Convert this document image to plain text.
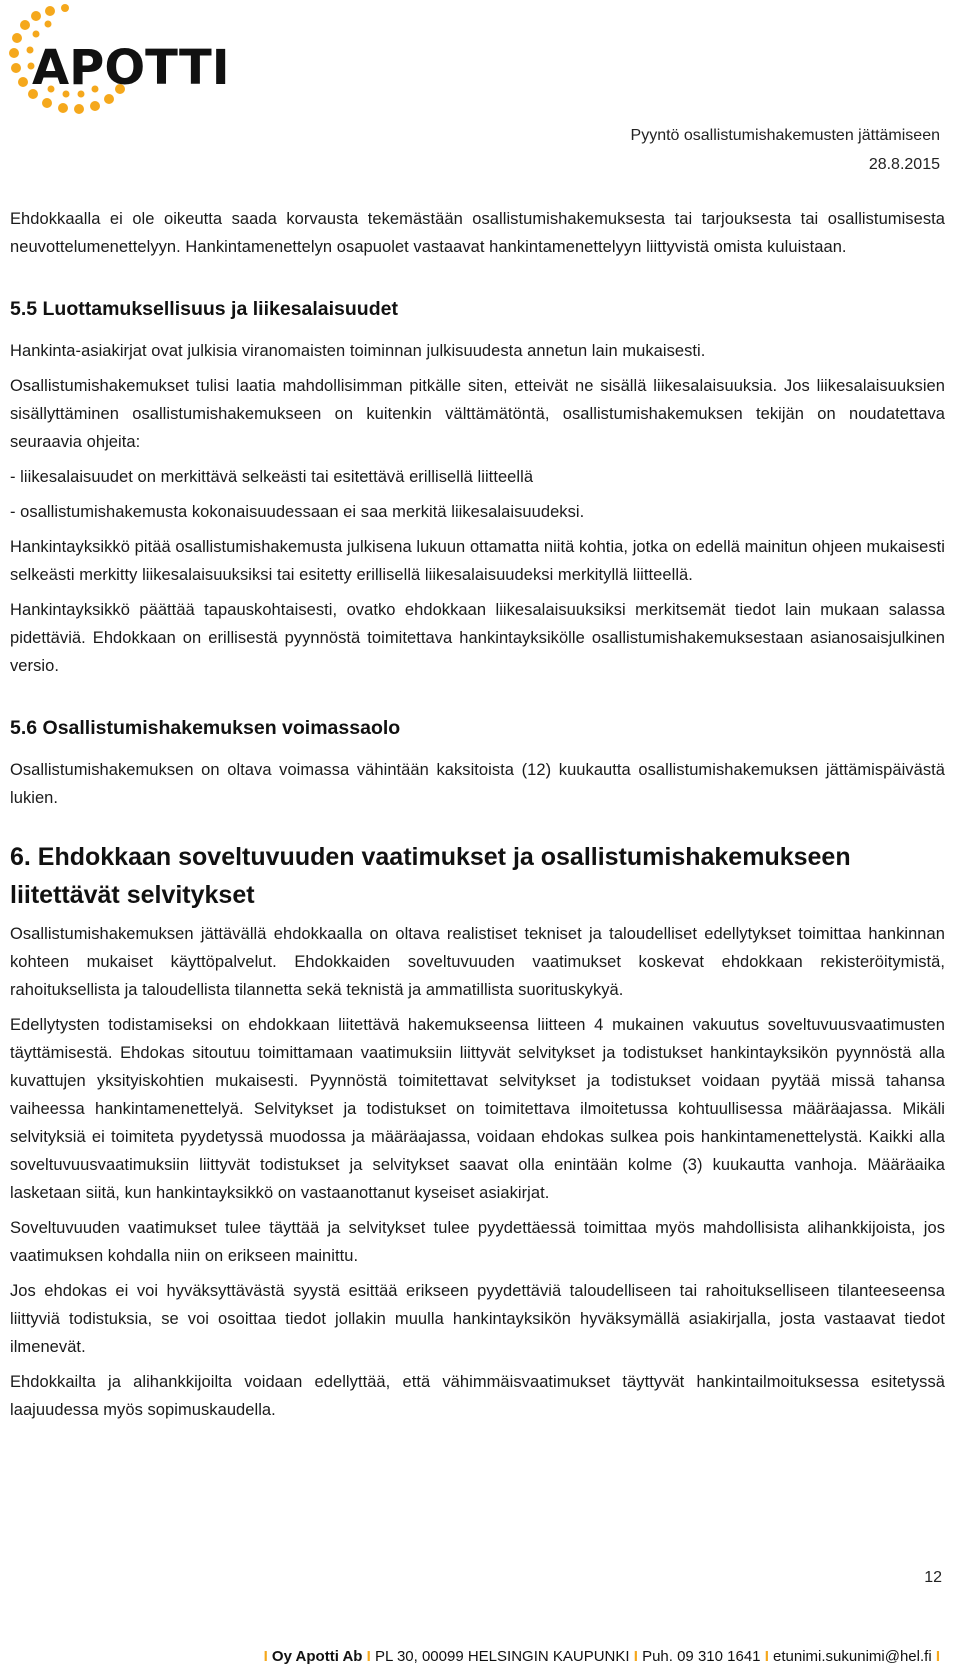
APOTTI
Pyyntö osallistumishakemusten jättämiseen
28.8.2015

Ehdokkaalla ei ole oikeutta saada korvausta tekemästään osallistumishakemuksesta tai tarjouksesta tai osallistumisesta neuvottelumenettelyyn. Hankintamenettelyn osapuolet vastaavat hankintamenettelyyn liittyvistä omista kuluistaan.

5.5 Luottamuksellisuus ja liikesalaisuudet

Hankinta-asiakirjat ovat julkisia viranomaisten toiminnan julkisuudesta annetun lain mukaisesti.

Osallistumishakemukset tulisi laatia mahdollisimman pitkälle siten, etteivät ne sisällä liikesalaisuuksia. Jos liikesalaisuuksien sisällyttäminen osallistumishakemukseen on kuitenkin välttämätöntä, osallistumishakemuksen tekijän on noudatettava seuraavia ohjeita:

- liikesalaisuudet on merkittävä selkeästi tai esitettävä erillisellä liitteellä

- osallistumishakemusta kokonaisuudessaan ei saa merkitä liikesalaisuudeksi.

Hankintayksikkö pitää osallistumishakemusta julkisena lukuun ottamatta niitä kohtia, jotka on edellä mainitun ohjeen mukaisesti selkeästi merkitty liikesalaisuuksiksi tai esitetty erillisellä liikesalaisuudeksi merkityllä liitteellä.

Hankintayksikkö päättää tapauskohtaisesti, ovatko ehdokkaan liikesalaisuuksiksi merkitsemät tiedot lain mukaan salassa pidettäviä. Ehdokkaan on erillisestä pyynnöstä toimitettava hankintayksikölle osallistumishakemuksestaan asianosaisjulkinen versio.

5.6 Osallistumishakemuksen voimassaolo

Osallistumishakemuksen on oltava voimassa vähintään kaksitoista (12) kuukautta osallistumishakemuksen jättämispäivästä lukien.

6. Ehdokkaan soveltuvuuden vaatimukset ja osallistumishakemukseen liitettävät selvitykset

Osallistumishakemuksen jättävällä ehdokkaalla on oltava realistiset tekniset ja taloudelliset edellytykset toimittaa hankinnan kohteen mukaiset käyttöpalvelut. Ehdokkaiden soveltuvuuden vaatimukset koskevat ehdokkaan rekisteröitymistä, rahoituksellista ja taloudellista tilannetta sekä teknistä ja ammatillista suorituskykyä.

Edellytysten todistamiseksi on ehdokkaan liitettävä hakemukseensa liitteen 4 mukainen vakuutus soveltuvuusvaatimusten täyttämisestä. Ehdokas sitoutuu toimittamaan vaatimuksiin liittyvät selvitykset ja todistukset hankintayksikön pyynnöstä alla kuvattujen yksityiskohtien mukaisesti. Pyynnöstä toimitettavat selvitykset ja todistukset voidaan pyytää missä tahansa vaiheessa hankintamenettelyä. Selvitykset ja todistukset on toimitettava ilmoitetussa kohtuullisessa määräajassa. Mikäli selvityksiä ei toimiteta pyydetyssä muodossa ja määräajassa, voidaan ehdokas sulkea pois hankintamenettelystä. Kaikki alla soveltuvuusvaatimuksiin liittyvät todistukset ja selvitykset saavat olla enintään kolme (3) kuukautta vanhoja. Määräaika lasketaan siitä, kun hankintayksikkö on vastaanottanut kyseiset asiakirjat.

Soveltuvuuden vaatimukset tulee täyttää ja selvitykset tulee pyydettäessä toimittaa myös mahdollisista alihankkijoista, jos vaatimuksen kohdalla niin on erikseen mainittu.

Jos ehdokas ei voi hyväksyttävästä syystä esittää erikseen pyydettäviä taloudelliseen tai rahoitukselliseen tilanteeseensa liittyviä todistuksia, se voi osoittaa tiedot jollakin muulla hankintayksikön hyväksymällä asiakirjalla, josta vastaavat tiedot ilmenevät.

Ehdokkailta ja alihankkijoilta voidaan edellyttää, että vähimmäisvaatimukset täyttyvät hankintailmoituksessa esitetyssä laajuudessa myös sopimuskaudella.

12
I Oy Apotti Ab I PL 30, 00099 HELSINGIN KAUPUNKI I Puh. 09 310 1641 I etunimi.sukunimi@hel.fi I
